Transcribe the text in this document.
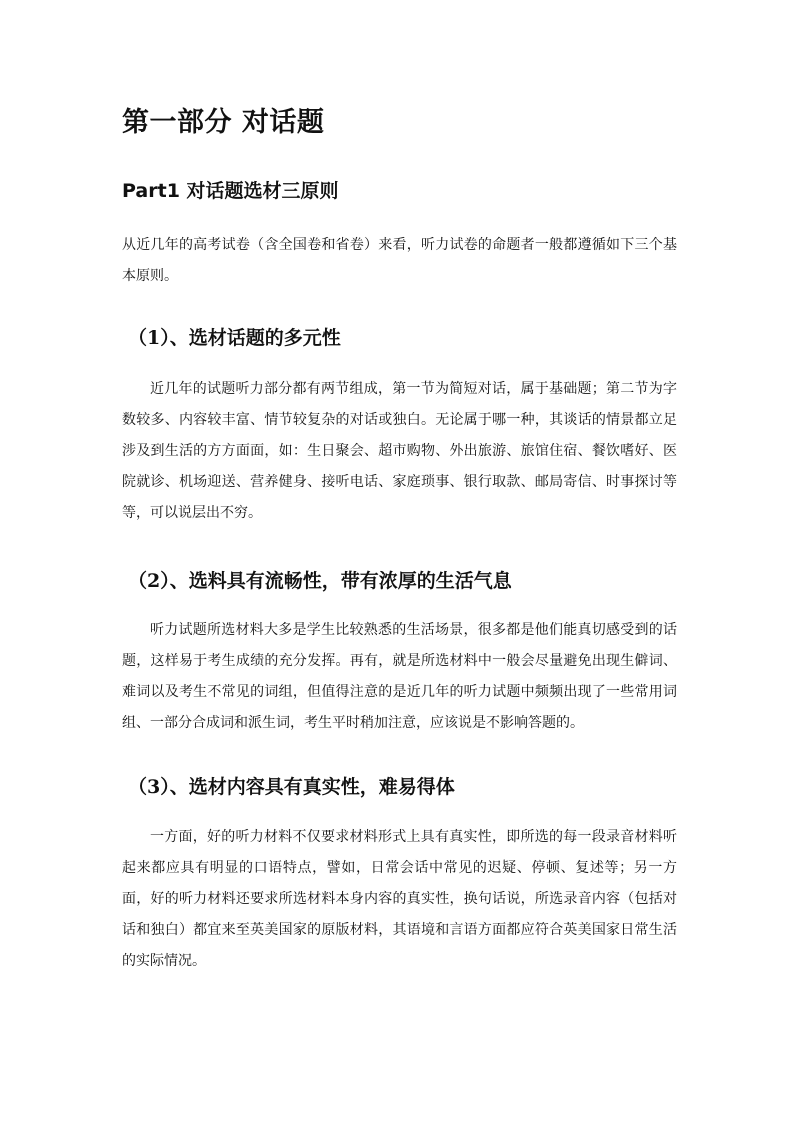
第一部分 对话题
Part1 对话题选材三原则

从近几年的高考试卷（含全国卷和省卷）来看，听力试卷的命题者一般都遵循如下三个基本原则。

（1）、选材话题的多元性

近几年的试题听力部分都有两节组成，第一节为简短对话，属于基础题；第二节为字数较多、内容较丰富、情节较复杂的对话或独白。无论属于哪一种，其谈话的情景都立足涉及到生活的方方面面，如：生日聚会、超市购物、外出旅游、旅馆住宿、餐饮嗜好、医院就诊、机场迎送、营养健身、接听电话、家庭琐事、银行取款、邮局寄信、时事探讨等等，可以说层出不穷。

（2）、选料具有流畅性，带有浓厚的生活气息

听力试题所选材料大多是学生比较熟悉的生活场景，很多都是他们能真切感受到的话题，这样易于考生成绩的充分发挥。再有，就是所选材料中一般会尽量避免出现生僻词、难词以及考生不常见的词组，但值得注意的是近几年的听力试题中频频出现了一些常用词组、一部分合成词和派生词，考生平时稍加注意，应该说是不影响答题的。

（3）、选材内容具有真实性，难易得体

一方面，好的听力材料不仅要求材料形式上具有真实性，即所选的每一段录音材料听起来都应具有明显的口语特点，譬如，日常会话中常见的迟疑、停顿、复述等；另一方面，好的听力材料还要求所选材料本身内容的真实性，换句话说，所选录音内容（包括对话和独白）都宜来至英美国家的原版材料，其语境和言语方面都应符合英美国家日常生活的实际情况。
